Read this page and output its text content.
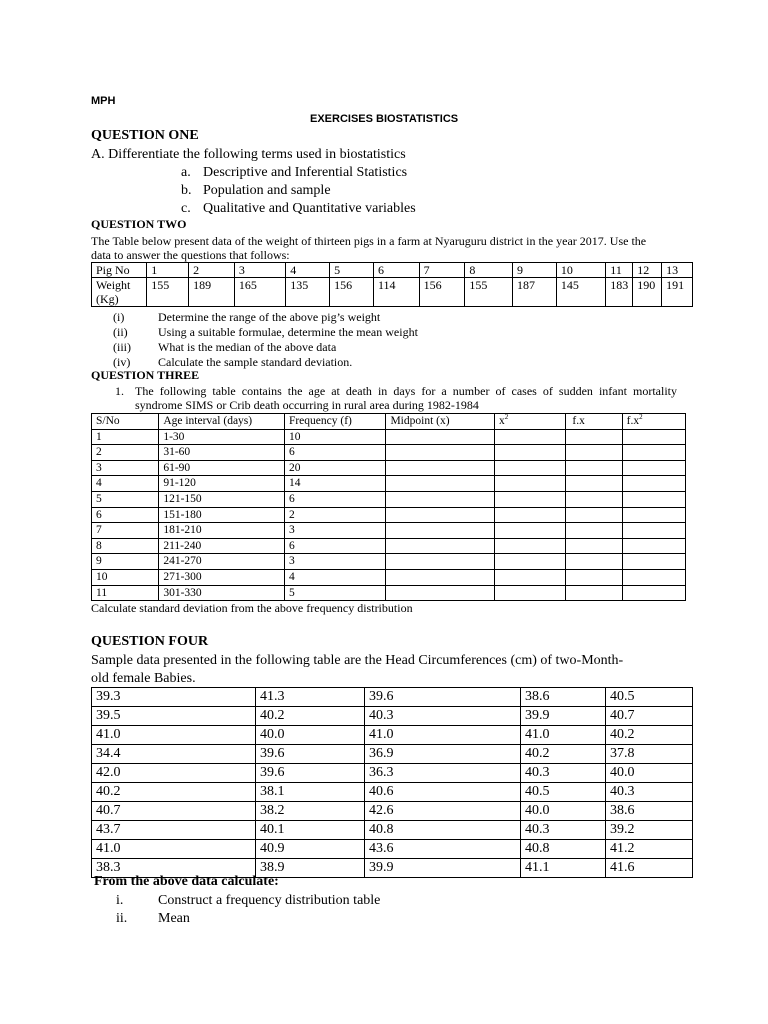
MPH
EXERCISES BIOSTATISTICS
QUESTION ONE
A. Differentiate the following terms used in biostatistics
a. Descriptive and Inferential Statistics
b. Population and sample
c. Qualitative and Quantitative variables
QUESTION TWO
The Table below present data of the weight of thirteen pigs in a farm at Nyaruguru district in the year 2017. Use the
data to answer the questions that follows:
Pig No	1	2	3	4	5	6	7	8	9	10	11	12	13

Weight
(Kg)	155	189	165	135	156	114	156	155	187	145	183	190	191
(i)	Determine the range of the above pig’s weight
(ii)	Using a suitable formulae, determine the mean weight
(iii)	What is the median of the above data
(iv)	Calculate the sample standard deviation.
QUESTION THREE
1. The following table contains the age at death in days for a number of cases of sudden infant mortality
syndrome SIMS or Crib death occurring in rural area during 1982-1984
S/No	Age interval (days)	Frequency (f)	Midpoint (x)	$x^2$	f.x	$f.x^2$
1	1-30	10				
2	31-60	6				
3	61-90	20				
4	91-120	14				
5	121-150	6				
6	151-180	2				
7	181-210	3				
8	211-240	6				
9	241-270	3				
10	271-300	4				
11	301-330	5				
Calculate standard deviation from the above frequency distribution
QUESTION FOUR
Sample data presented in the following table are the Head Circumferences (cm) of two-Month-
old female Babies.
39.3	41.3	39.6	38.6	40.5
39.5	40.2	40.3	39.9	40.7
41.0	40.0	41.0	41.0	40.2
34.4	39.6	36.9	40.2	37.8
42.0	39.6	36.3	40.3	40.0
40.2	38.1	40.6	40.5	40.3
40.7	38.2	42.6	40.0	38.6
43.7	40.1	40.8	40.3	39.2
41.0	40.9	43.6	40.8	41.2
38.3	38.9	39.9	41.1	41.6
From the above data calculate:
i.	Construct a frequency distribution table
ii.	Mean
